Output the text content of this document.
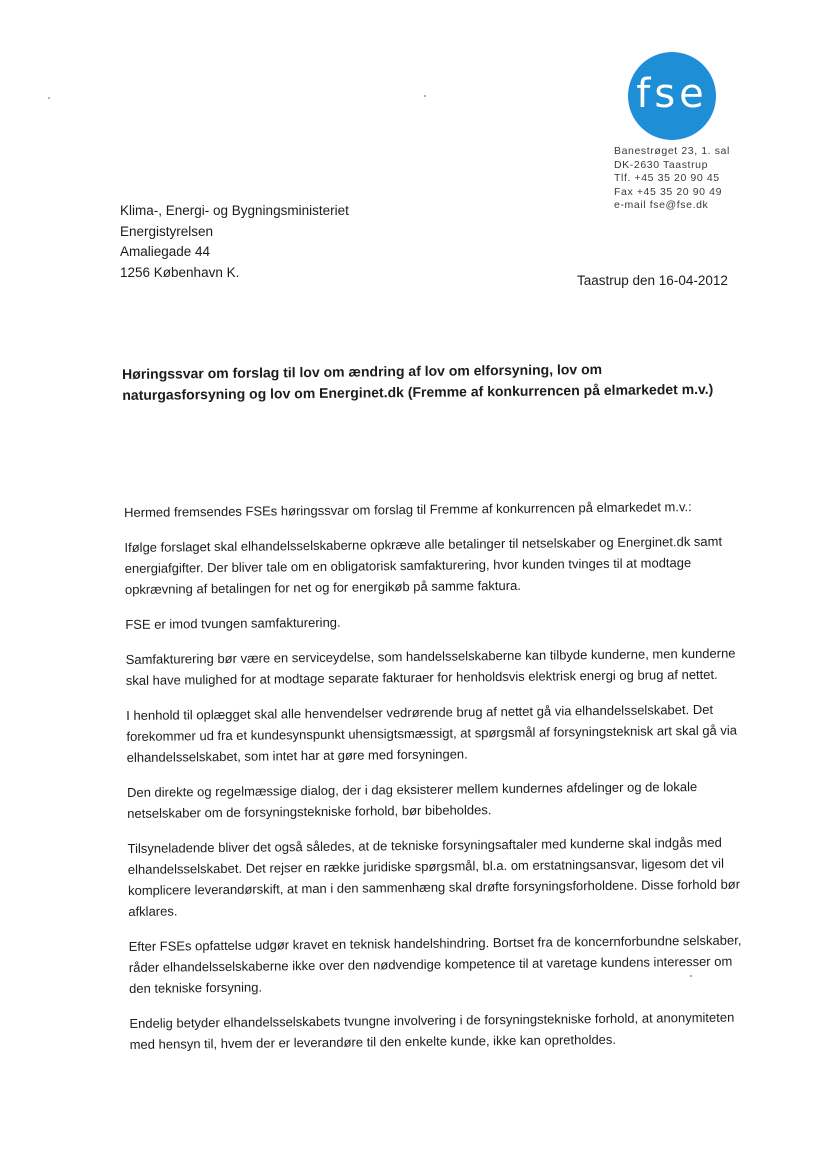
fse
Banestrøget 23, 1. sal
DK-2630 Taastrup
Tlf. +45 35 20 90 45
Fax +45 35 20 90 49
e-mail fse@fse.dk
Klima-, Energi- og Bygningsministeriet
Energistyrelsen
Amaliegade 44
1256 København K.
Taastrup den 16-04-2012
Høringssvar om forslag til lov om ændring af lov om elforsyning, lov om naturgasforsyning og lov om Energinet.dk (Fremme af konkurrencen på elmarkedet m.v.)

Hermed fremsendes FSEs høringssvar om forslag til Fremme af konkurrencen på elmarkedet m.v.:

Ifølge forslaget skal elhandelsselskaberne opkræve alle betalinger til netselskaber og Energinet.dk samt energiafgifter. Der bliver tale om en obligatorisk samfakturering, hvor kunden tvinges til at modtage opkrævning af betalingen for net og for energikøb på samme faktura.

FSE er imod tvungen samfakturering.

Samfakturering bør være en serviceydelse, som handelsselskaberne kan tilbyde kunderne, men kunderne skal have mulighed for at modtage separate fakturaer for henholdsvis elektrisk energi og brug af nettet.

I henhold til oplægget skal alle henvendelser vedrørende brug af nettet gå via elhandelsselskabet. Det forekommer ud fra et kundesynspunkt uhensigtsmæssigt, at spørgsmål af forsyningsteknisk art skal gå via elhandelsselskabet, som intet har at gøre med forsyningen.

Den direkte og regelmæssige dialog, der i dag eksisterer mellem kundernes afdelinger og de lokale netselskaber om de forsyningstekniske forhold, bør bibeholdes.

Tilsyneladende bliver det også således, at de tekniske forsyningsaftaler med kunderne skal indgås med elhandelsselskabet. Det rejser en række juridiske spørgsmål, bl.a. om erstatningsansvar, ligesom det vil komplicere leverandørskift, at man i den sammenhæng skal drøfte forsyningsforholdene. Disse forhold bør afklares.

Efter FSEs opfattelse udgør kravet en teknisk handelshindring. Bortset fra de koncernforbundne selskaber, råder elhandelsselskaberne ikke over den nødvendige kompetence til at varetage kundens interesser om den tekniske forsyning.

Endelig betyder elhandelsselskabets tvungne involvering i de forsyningstekniske forhold, at anonymiteten med hensyn til, hvem der er leverandøre til den enkelte kunde, ikke kan opretholdes.
